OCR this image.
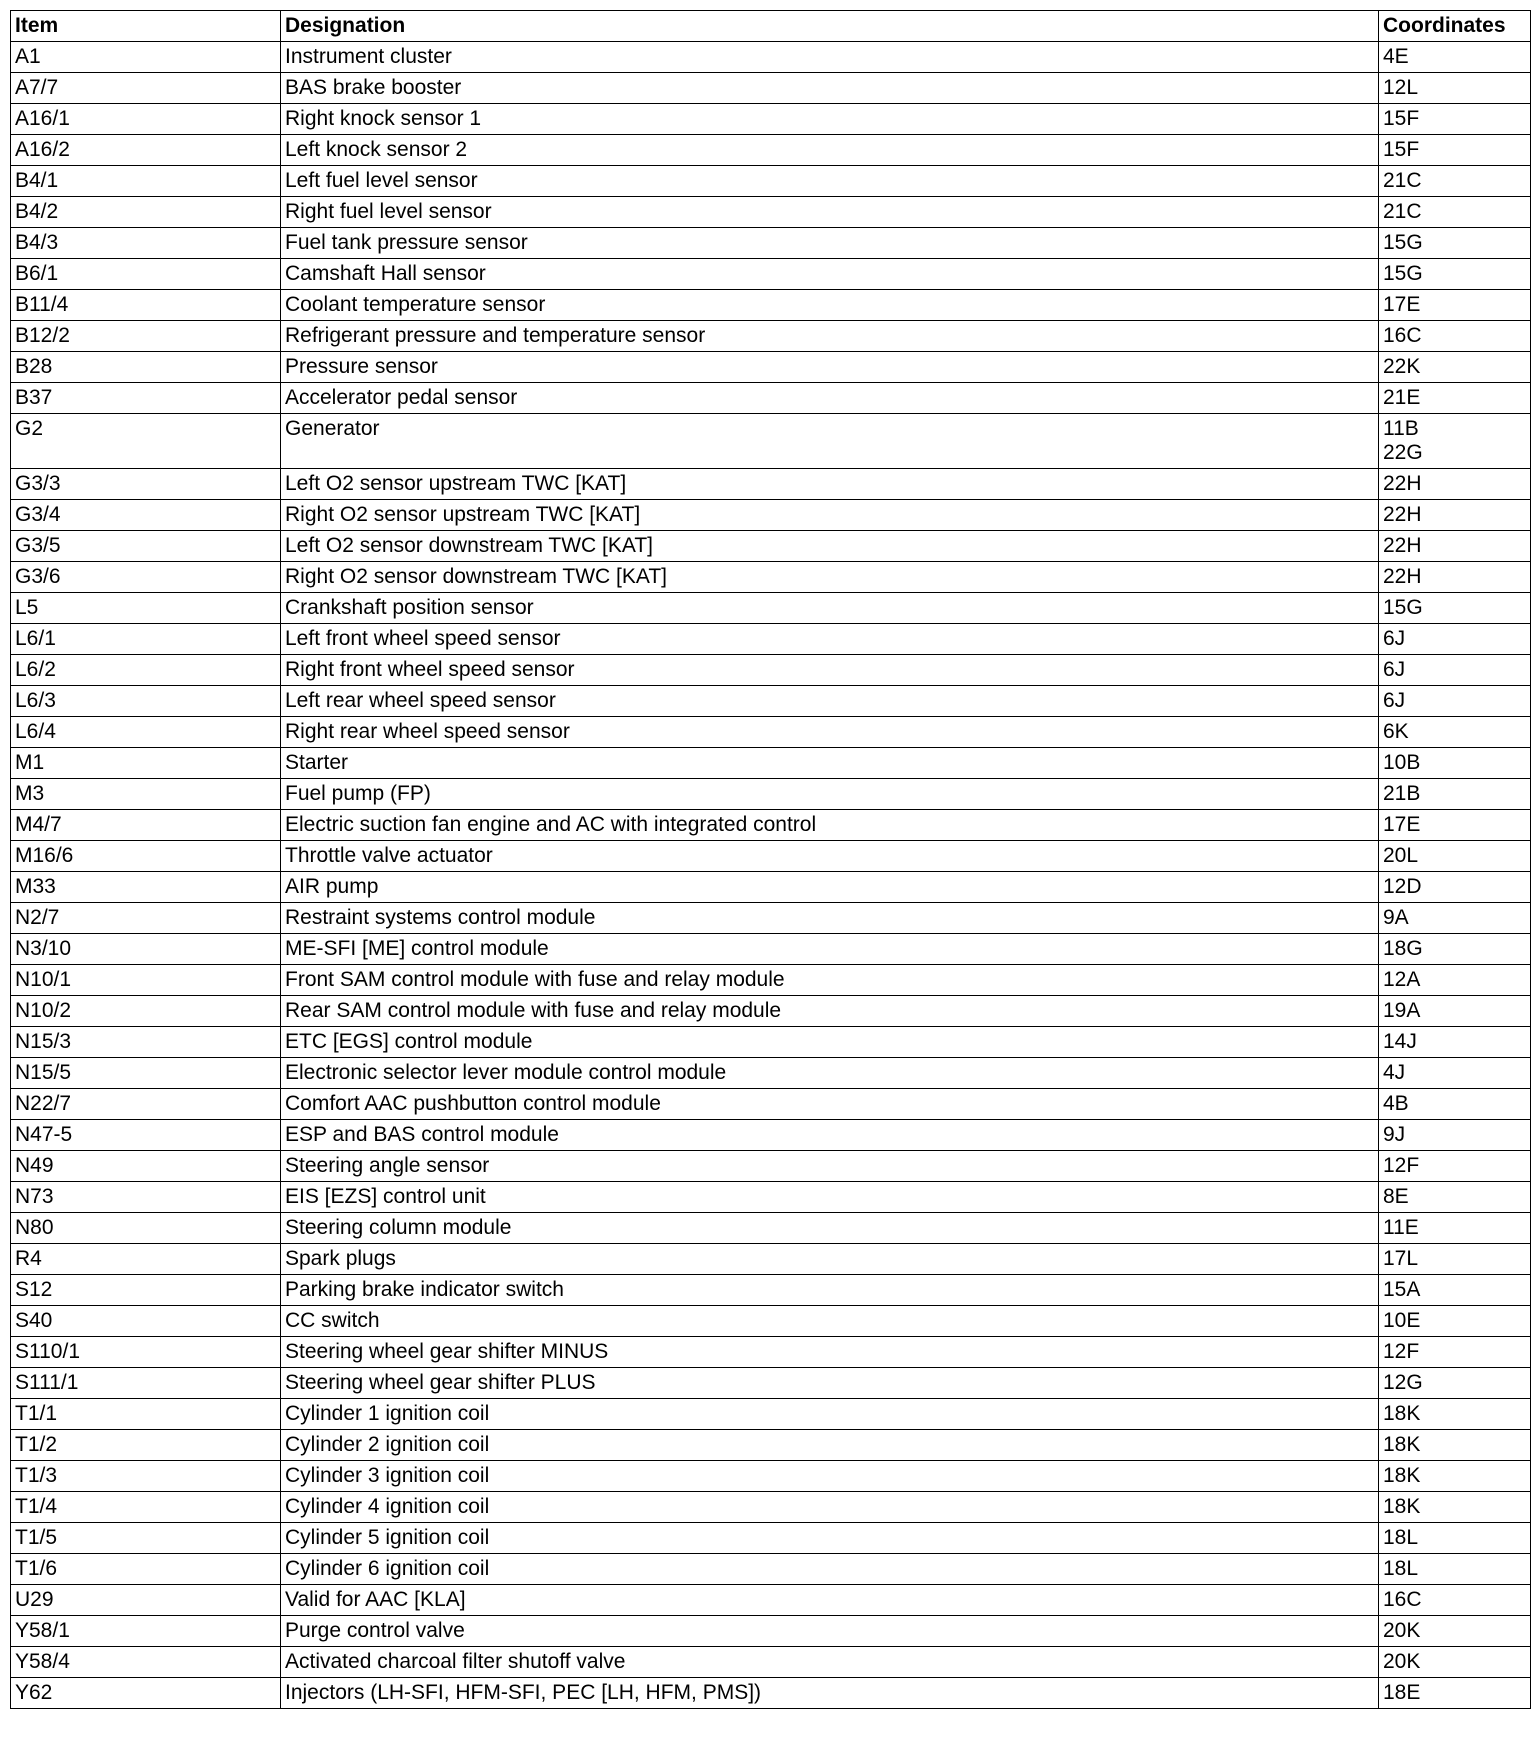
Item	Designation	Coordinates
A1	Instrument cluster	4E

A7/7	BAS brake booster	12L

A16/1	Right knock sensor 1	15F

A16/2	Left knock sensor 2	15F

B4/1	Left fuel level sensor	21C

B4/2	Right fuel level sensor	21C

B4/3	Fuel tank pressure sensor	15G

B6/1	Camshaft Hall sensor	15G

B11/4	Coolant temperature sensor	17E

B12/2	Refrigerant pressure and temperature sensor	16C

B28	Pressure sensor	22K

B37	Accelerator pedal sensor	21E

G2	Generator	11B
22G

G3/3	Left O2 sensor upstream TWC [KAT]	22H

G3/4	Right O2 sensor upstream TWC [KAT]	22H

G3/5	Left O2 sensor downstream TWC [KAT]	22H

G3/6	Right O2 sensor downstream TWC [KAT]	22H

L5	Crankshaft position sensor	15G

L6/1	Left front wheel speed sensor	6J

L6/2	Right front wheel speed sensor	6J

L6/3	Left rear wheel speed sensor	6J

L6/4	Right rear wheel speed sensor	6K

M1	Starter	10B

M3	Fuel pump (FP)	21B

M4/7	Electric suction fan engine and AC with integrated control	17E

M16/6	Throttle valve actuator	20L

M33	AIR pump	12D

N2/7	Restraint systems control module	9A

N3/10	ME-SFI [ME] control module	18G

N10/1	Front SAM control module with fuse and relay module	12A

N10/2	Rear SAM control module with fuse and relay module	19A

N15/3	ETC [EGS] control module	14J

N15/5	Electronic selector lever module control module	4J

N22/7	Comfort AAC pushbutton control module	4B

N47-5	ESP and BAS control module	9J

N49	Steering angle sensor	12F

N73	EIS [EZS] control unit	8E

N80	Steering column module	11E

R4	Spark plugs	17L

S12	Parking brake indicator switch	15A

S40	CC switch	10E

S110/1	Steering wheel gear shifter MINUS	12F

S111/1	Steering wheel gear shifter PLUS	12G

T1/1	Cylinder 1 ignition coil	18K

T1/2	Cylinder 2 ignition coil	18K

T1/3	Cylinder 3 ignition coil	18K

T1/4	Cylinder 4 ignition coil	18K

T1/5	Cylinder 5 ignition coil	18L

T1/6	Cylinder 6 ignition coil	18L

U29	Valid for AAC [KLA]	16C

Y58/1	Purge control valve	20K

Y58/4	Activated charcoal filter shutoff valve	20K

Y62	Injectors (LH-SFI, HFM-SFI, PEC [LH, HFM, PMS])	18E
